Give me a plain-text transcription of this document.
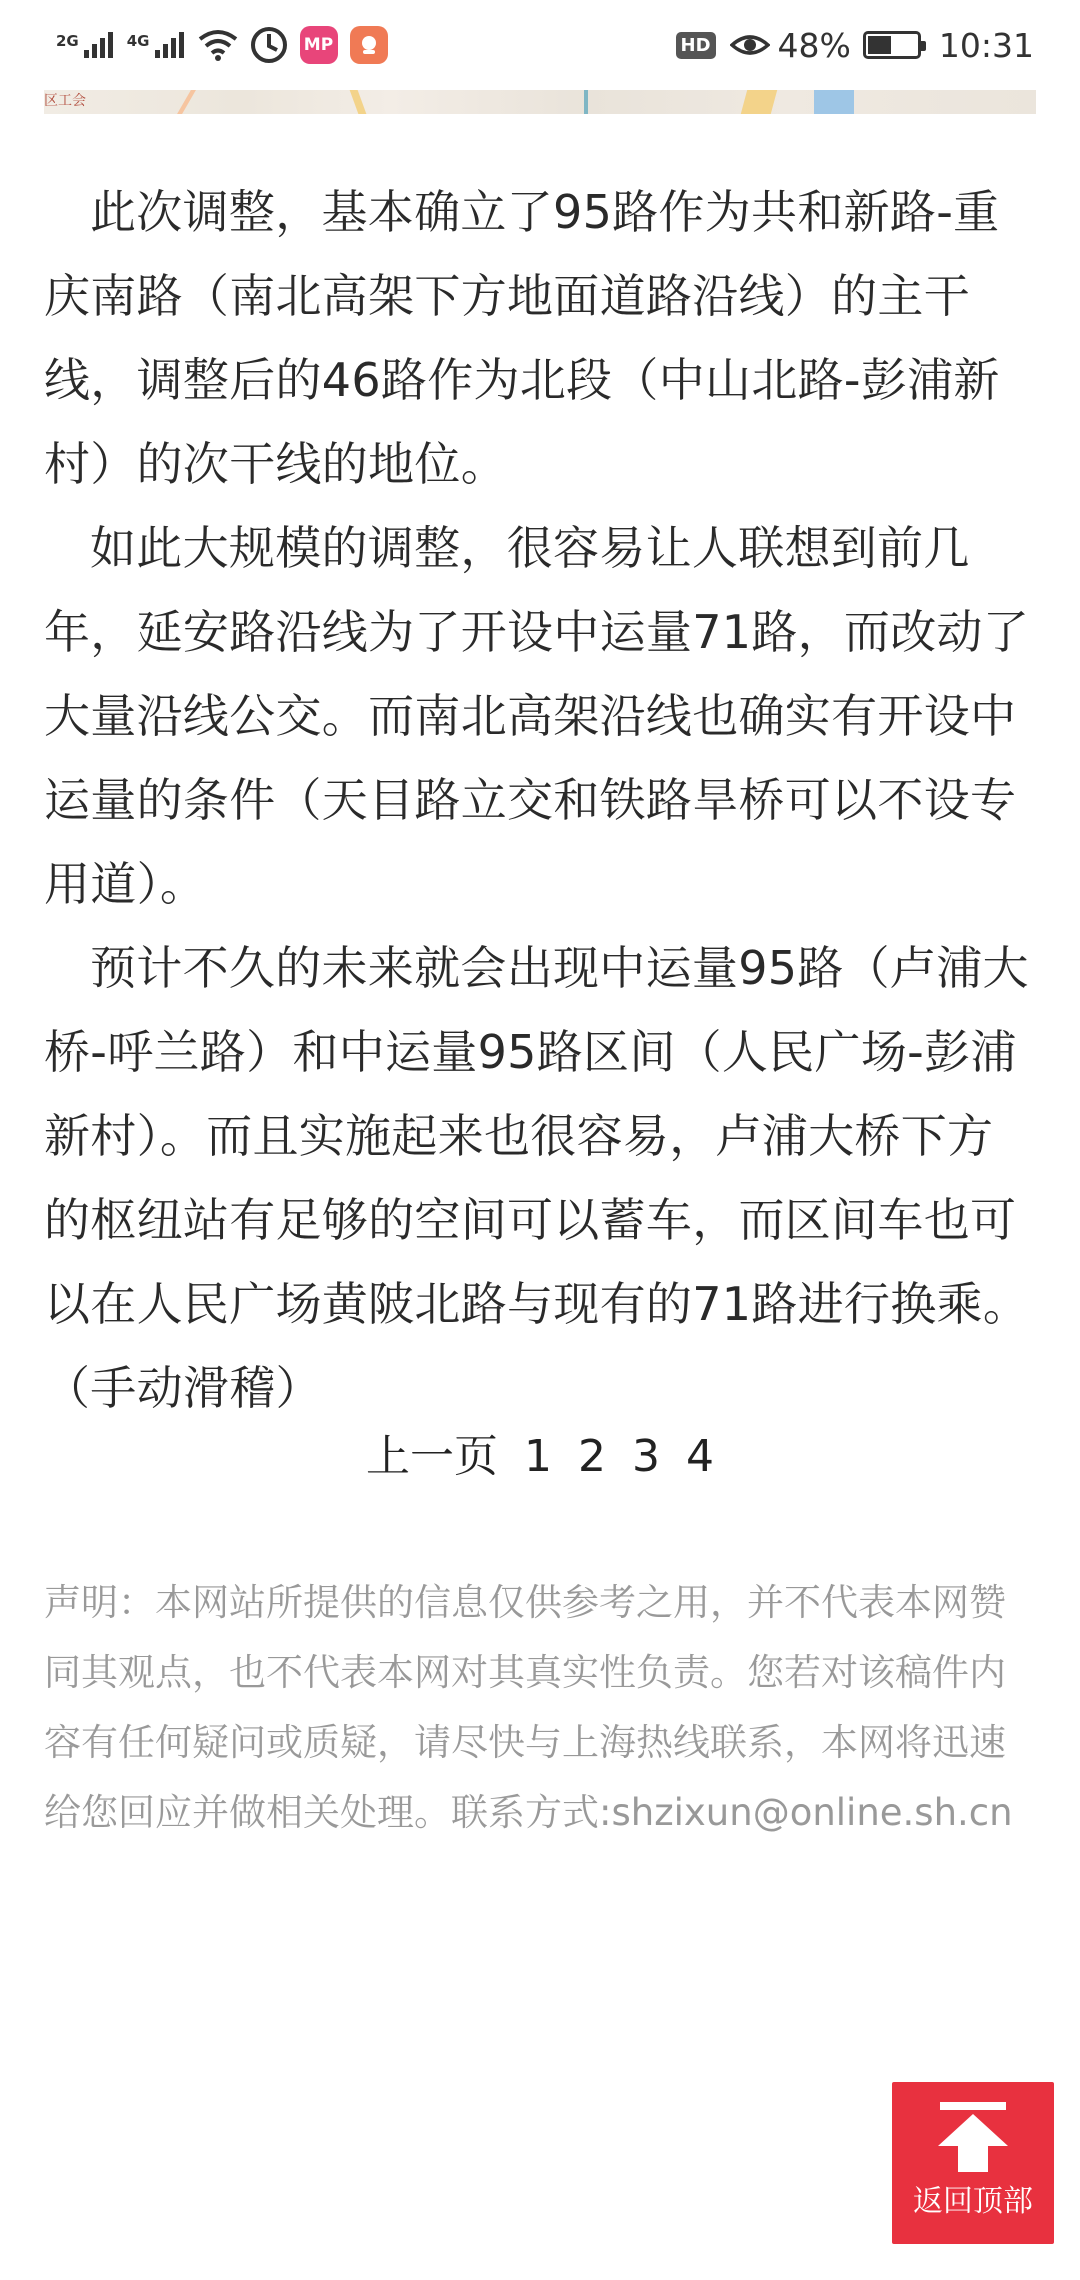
2G	4G	MP	HD 48%	10:31
区工会

此次调整，基本确立了95路作为共和新路-重庆南路（南北高架下方地面道路沿线）的主干线，调整后的46路作为北段（中山北路-彭浦新村）的次干线的地位。

如此大规模的调整，很容易让人联想到前几年，延安路沿线为了开设中运量71路，而改动了大量沿线公交。而南北高架沿线也确实有开设中运量的条件（天目路立交和铁路旱桥可以不设专用道）。

预计不久的未来就会出现中运量95路（卢浦大桥-呼兰路）和中运量95路区间（人民广场-彭浦新村）。而且实施起来也很容易，卢浦大桥下方的枢纽站有足够的空间可以蓄车，而区间车也可以在人民广场黄陂北路与现有的71路进行换乘。（手动滑稽）

上一页 1 2 3 4
声明：本网站所提供的信息仅供参考之用，并不代表本网赞同其观点，也不代表本网对其真实性负责。您若对该稿件内容有任何疑问或质疑，请尽快与上海热线联系，本网将迅速给您回应并做相关处理。联系方式:shzixun@online.sh.cn
返回顶部
